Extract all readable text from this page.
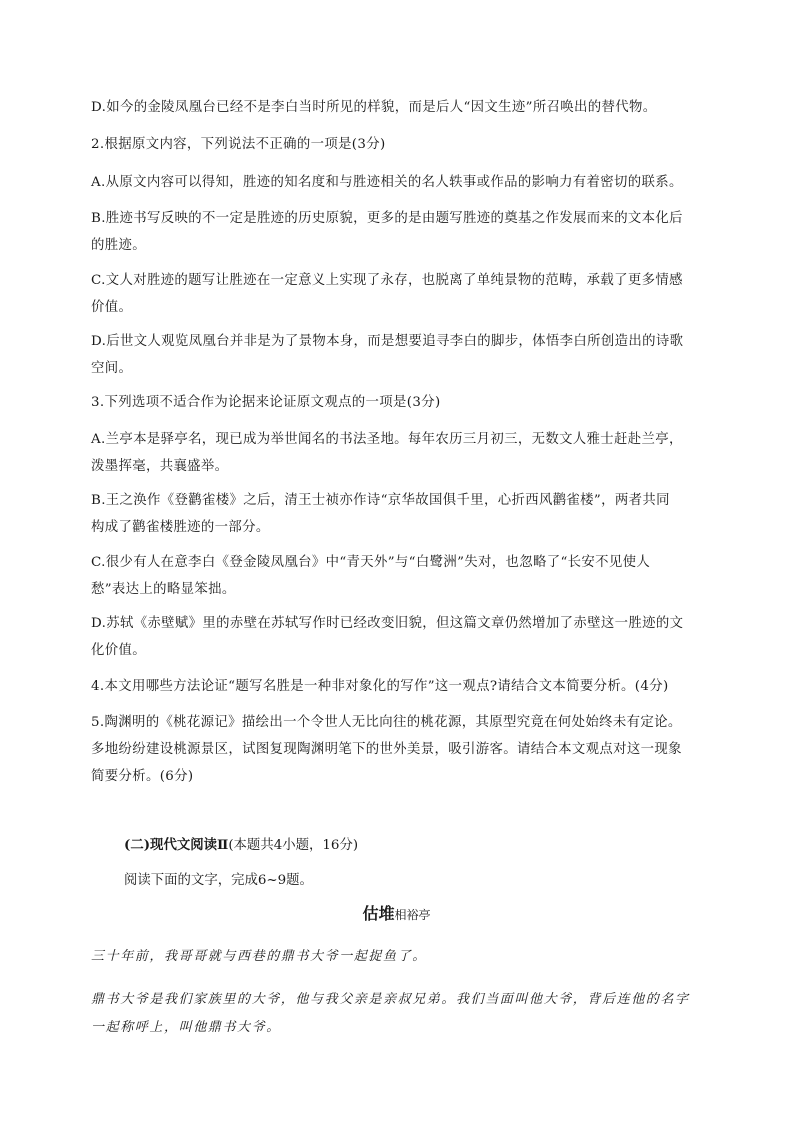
D.如今的金陵凤凰台已经不是李白当时所见的样貌，而是后人“因文生迹”所召唤出的替代物。

2.根据原文内容，下列说法不正确的一项是(3分)

A.从原文内容可以得知，胜迹的知名度和与胜迹相关的名人轶事或作品的影响力有着密切的联系。

B.胜迹书写反映的不一定是胜迹的历史原貌，更多的是由题写胜迹的奠基之作发展而来的文本化后
的胜迹。

C.文人对胜迹的题写让胜迹在一定意义上实现了永存，也脱离了单纯景物的范畴，承载了更多情感
价值。

D.后世文人观览凤凰台并非是为了景物本身，而是想要追寻李白的脚步，体悟李白所创造出的诗歌
空间。

3.下列选项不适合作为论据来论证原文观点的一项是(3分)

A.兰亭本是驿亭名，现已成为举世闻名的书法圣地。每年农历三月初三，无数文人雅士赶赴兰亭，
泼墨挥毫，共襄盛举。

B.王之涣作《登鹳雀楼》之后，清王士祯亦作诗“京华故国俱千里，心折西风鹳雀楼”，两者共同
构成了鹳雀楼胜迹的一部分。

C.很少有人在意李白《登金陵凤凰台》中“青天外”与“白鹭洲”失对，也忽略了“长安不见使人
愁”表达上的略显笨拙。

D.苏轼《赤壁赋》里的赤壁在苏轼写作时已经改变旧貌，但这篇文章仍然增加了赤壁这一胜迹的文
化价值。

4.本文用哪些方法论证“题写名胜是一种非对象化的写作”这一观点?请结合文本简要分析。(4分)

5.陶渊明的《桃花源记》描绘出一个令世人无比向往的桃花源，其原型究竟在何处始终未有定论。
多地纷纷建设桃源景区，试图复现陶渊明笔下的世外美景，吸引游客。请结合本文观点对这一现象
简要分析。(6分)

(二)现代文阅读Ⅱ(本题共4小题，16分)

阅读下面的文字，完成6~9题。

估堆相裕亭

三十年前，我哥哥就与西巷的鼎书大爷一起捉鱼了。

鼎书大爷是我们家族里的大爷，他与我父亲是亲叔兄弟。我们当面叫他大爷，背后连他的名字
一起称呼上，叫他鼎书大爷。
